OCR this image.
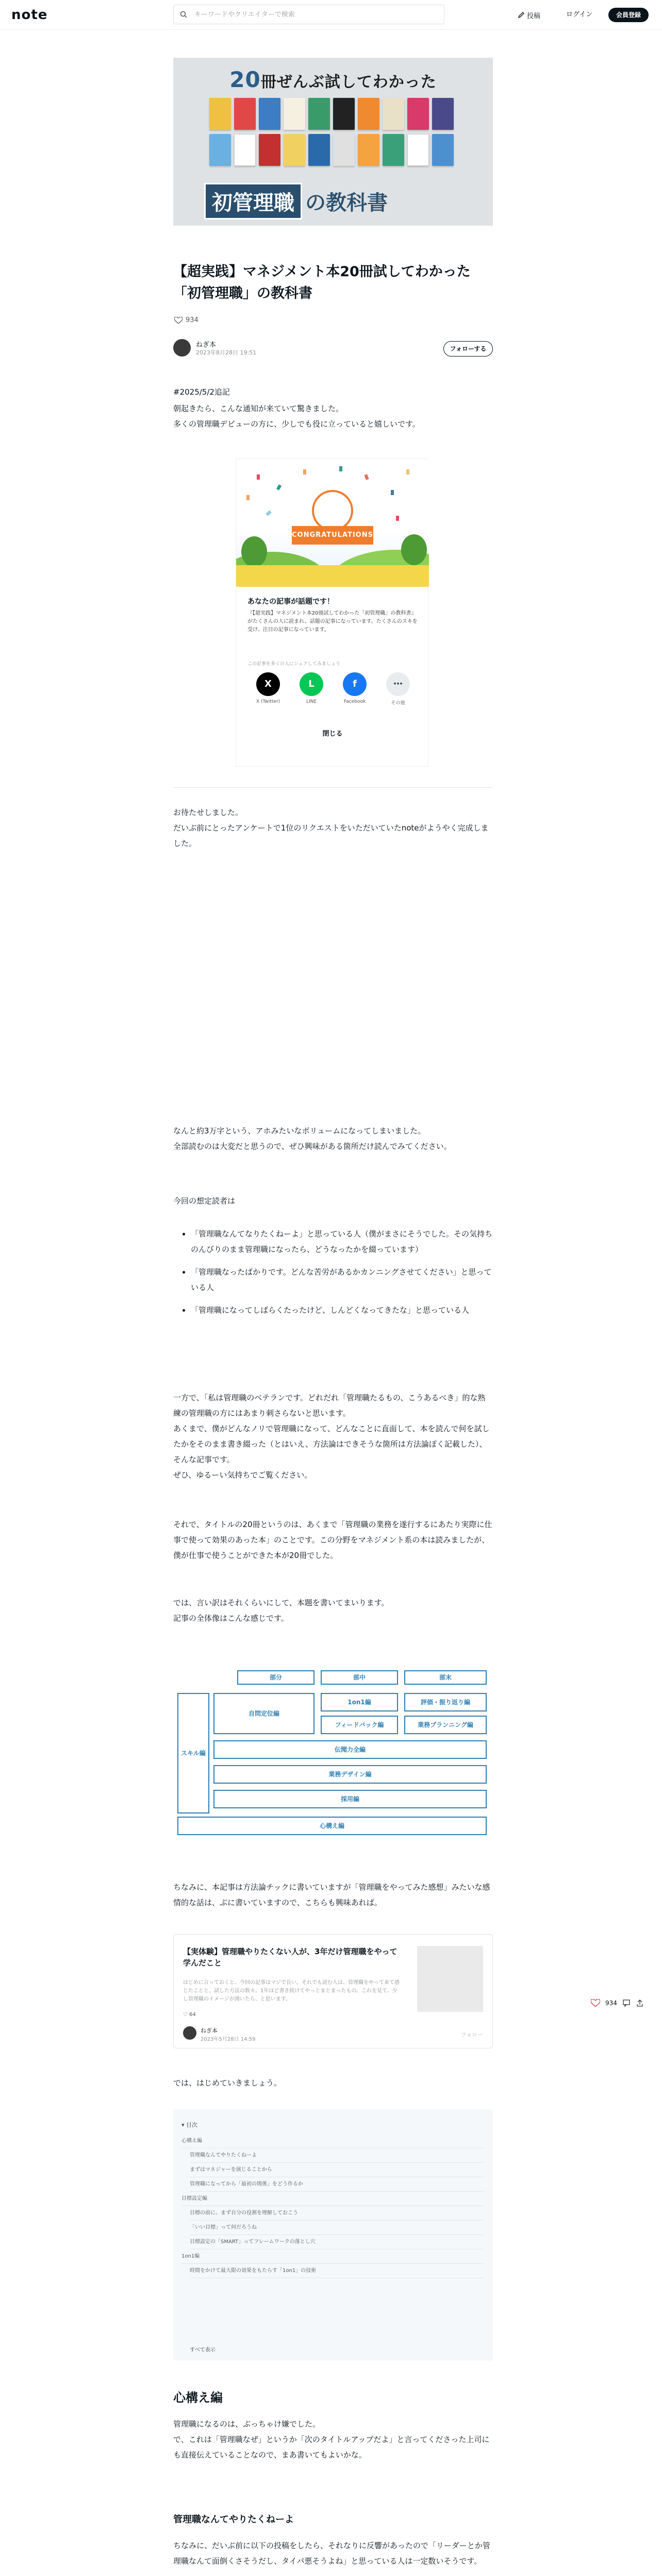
note
キーワードやクリエイターで検索	投稿	ログイン	会員登録
20冊ぜんぶ試してわかった
初管理職 の教科書
【超実践】マネジメント本20冊試してわかった「初管理職」の教科書
934
ねぎ本
2023年8月28日 19:51
フォローする
#2025/5/2追記
朝起きたら、こんな通知が来ていて驚きました。
多くの管理職デビューの方に、少しでも役に立っていると嬉しいです。
CONGRATULATIONS
あなたの記事が話題です！
『【超実践】マネジメント本20冊試してわかった「初管理職」の教科書』がたくさんの人に読まれ、話題の記事になっています。たくさんのスキを受け、注目の記事になっています。
この記事を多くの人にシェアしてみましょう
X
X (Twitter)
L
LINE
f
Facebook
⋯
その他
閉じる
お待たせしました。
だいぶ前にとったアンケートで1位のリクエストをいただいていたnoteがようやく完成しました。
なんと約3万字という、アホみたいなボリュームになってしまいました。
全部読むのは大変だと思うので、ぜひ興味がある箇所だけ読んでみてください。
今回の想定読者は
• 「管理職なんてなりたくねーよ」と思っている人（僕がまさにそうでした。その気持ちのんびりのまま管理職になったら、どうなったかを綴っています）
• 「管理職なったばかりです。どんな苦労があるかカンニングさせてください」と思っている人
• 「管理職になってしばらくたったけど、しんどくなってきたな」と思っている人
一方で、「私は管理職のベテランです。どれだれ「管理職たるもの、こうあるべき」的な熟練の管理職の方にはあまり刺さらないと思います。
あくまで、僕がどんなノリで管理職になって、どんなことに直面して、本を読んで何を試したかをそのまま書き綴った（とはいえ、方法論はできそうな箇所は方法論ぽく記載した）、そんな記事です。
ぜひ、ゆるーい気持ちでご覧ください。
それで、タイトルの20冊というのは、あくまで「管理職の業務を遂行するにあたり実際に仕事で使って効果のあった本」のことです。この分野をマネジメント系の本は読みましたが、僕が仕事で使うことができた本が20冊でした。
では、言い訳はそれくらいにして、本題を書いてまいります。
記事の全体像はこんな感じです。
部分	部中	部末
スキル編
自問定位編
1on1編	評価・振り返り編
フィードバック編	業務プランニング編
伝聞力全編
業務デザイン編
採用編
心構え編
ちなみに、本記事は方法論チックに書いていますが「管理職をやってみた感想」みたいな感情的な話は、ぶに書いていますので、こちらも興味あれば。
【実体験】管理職やりたくない人が、3年だけ管理職をやって学んだこと
はじめに言っておくと、今回の記事はマジで長い。それでも読む人は、管理職をやって来て感じたことと、試した方法の数々。1年ほど書き続けてやっとまとまったもの。これを見て、少し管理職のイメージが湧いたら、と思います。
♡ 64
ねぎ本
2023年5月28日 14:59
フォロー
934
では、はじめていきましょう。
▾ 目次
心構え編
管理職なんてやりたくねーよ
まずはマネジャーを演じることから
管理職になってから「最初の関係」をどう作るか
目標設定編
目標の前に、まず自分の役割を理解しておこう
「いい目標」って何だろうね
目標設定の「SMART」ってフレームワークの落とし穴
1on1編
時間をかけて最大限の効果をもたらす「1on1」の技術
すべて表示
心構え編
管理職になるのは、ぶっちゃけ嫌でした。
で、これは「管理職なぜ」というか「次のタイトルアップだよ」と言ってくださった上司にも直接伝えていることなので、まあ書いてもよいかな。
管理職なんてやりたくねーよ
ちなみに、だいぶ前に以下の投稿をしたら、それなりに反響があったので「リーダーとか管理職なんて面倒くさそうだし、タイパ悪そうよね」と思っている人は一定数いそうです。
